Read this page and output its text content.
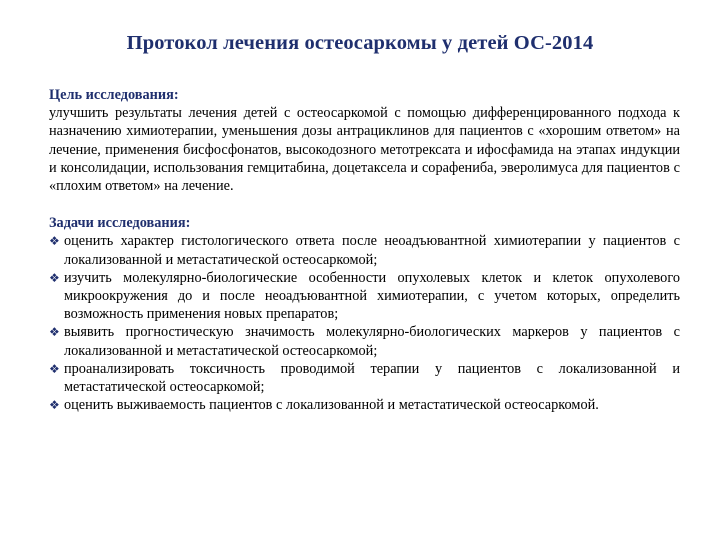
Протокол лечения остеосаркомы у детей ОС-2014
Цель исследования:
улучшить результаты лечения детей с остеосаркомой с помощью дифференцированного подхода к назначению химиотерапии, уменьшения дозы антрациклинов для пациентов с «хорошим ответом» на лечение, применения бисфосфонатов, высокодозного метотрексата и ифосфамида на этапах индукции и консолидации, использования гемцитабина, доцетаксела и сорафениба, эверолимуса для пациентов с «плохим ответом» на лечение.
Задачи исследования:
❖ оценить характер гистологического ответа после неоадъювантной химиотерапии у пациентов с локализованной и метастатической остеосаркомой;
❖ изучить молекулярно-биологические особенности опухолевых клеток и клеток опухолевого микроокружения до и после неоадъювантной химиотерапии, с учетом которых, определить возможность применения новых препаратов;
❖ выявить прогностическую значимость молекулярно-биологических маркеров у пациентов с локализованной и метастатической остеосаркомой;
❖ проанализировать токсичность проводимой терапии у пациентов с локализованной и метастатической остеосаркомой;
❖ оценить выживаемость пациентов с локализованной и метастатической остеосаркомой.
